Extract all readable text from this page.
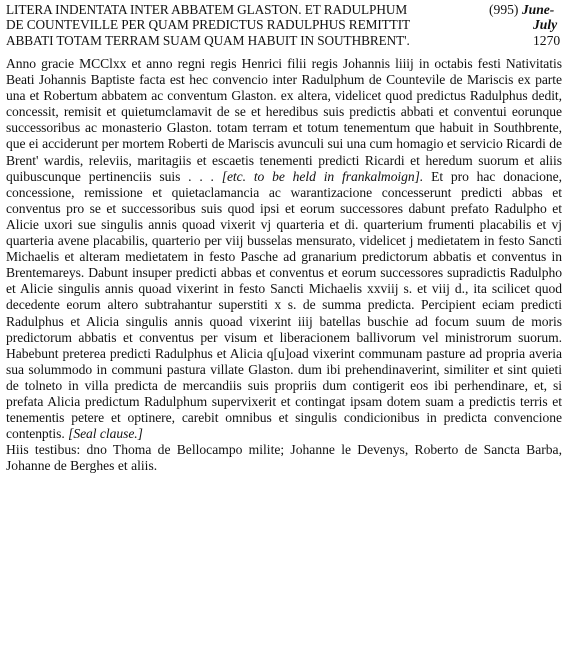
LITERA INDENTATA INTER ABBATEM GLASTON. ET RADULPHUM
DE COUNTEVILLE PER QUAM PREDICTUS RADULPHUS REMITTIT
ABBATI TOTAM TERRAM SUAM QUAM HABUIT IN SOUTHBRENT'.
(995) June-
July 1270
Anno gracie MCClxx et anno regni regis Henrici filii regis Johannis liiij in octabis festi Nativitatis Beati Johannis Baptiste facta est hec convencio inter Radulphum de Countevile de Mariscis ex parte una et Robertum abbatem ac conventum Glaston. ex altera, videlicet quod predictus Radulphus dedit, concessit, remisit et quietumclamavit de se et heredibus suis predictis abbati et conventui eorunque successoribus ac monasterio Glaston. totam terram et totum tenementum que habuit in Southbrente, que ei acciderunt per mortem Roberti de Mariscis avunculi sui una cum homagio et servicio Ricardi de Brent' wardis, releviis, maritagiis et escaetis tenementi predicti Ricardi et heredum suorum et aliis quibuscunque pertinenciis suis . . . [etc. to be held in frankalmoign]. Et pro hac donacione, concessione, remissione et quietaclamancia ac warantizacione concesserunt predicti abbas et conventus pro se et successoribus suis quod ipsi et eorum successores dabunt prefato Radulpho et Alicie uxori sue singulis annis quoad vixerit vj quarteria et di. quarterium frumenti placabilis et vj quarteria avene placabilis, quarterio per viij busselas mensurato, videlicet j medietatem in festo Sancti Michaelis et alteram medietatem in festo Pasche ad granarium predictorum abbatis et conventus in Brentemareys. Dabunt insuper predicti abbas et conventus et eorum successores supradictis Radulpho et Alicie singulis annis quoad vixerint in festo Sancti Michaelis xxviij s. et viij d., ita scilicet quod decedente eorum altero subtrahantur superstiti x s. de summa predicta. Percipient eciam predicti Radulphus et Alicia singulis annis quoad vixerint iiij batellas buschie ad focum suum de moris predictorum abbatis et conventus per visum et liberacionem ballivorum vel ministrorum suorum. Habebunt preterea predicti Radulphus et Alicia q[u]oad vixerint communam pasture ad propria averia sua solummodo in communi pastura villate Glaston. dum ibi prehendinaverint, similiter et sint quieti de tolneto in villa predicta de mercandiis suis propriis dum contigerit eos ibi perhendinare, et, si prefata Alicia predictum Radulphum supervixerit et contingat ipsam dotem suam a predictis terris et tenementis petere et optinere, carebit omnibus et singulis condicionibus in predicta convencione contenptis. [Seal clause.]
Hiis testibus: dno Thoma de Bellocampo milite; Johanne le Devenys, Roberto de Sancta Barba, Johanne de Berghes et aliis.
